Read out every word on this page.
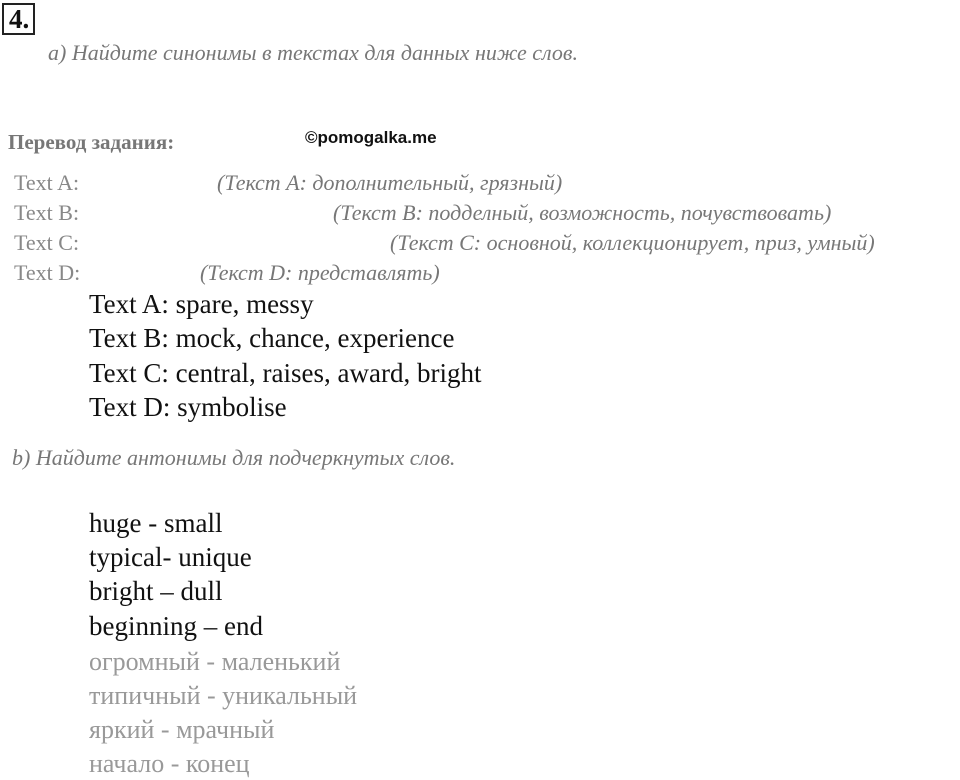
4.
а) Найдите синонимы в текстах для данных ниже слов.
Перевод задания:	©pomogalka.me
Text A:	(Текст А: дополнительный, грязный)
Text B:	(Текст В: подделный, возможность, почувствовать)
Text C:	(Текст С: основной, коллекционирует, приз, умный)
Text D:	(Текст D: представлять)
Text A: spare, messy
Text B: mock, chance, experience
Text C: central, raises, award, bright
Text D: symbolise
b) Найдите антонимы для подчеркнутых слов.
huge - small
typical- unique
bright – dull
beginning – end
огромный - маленький
типичный - уникальный
яркий - мрачный
начало - конец
